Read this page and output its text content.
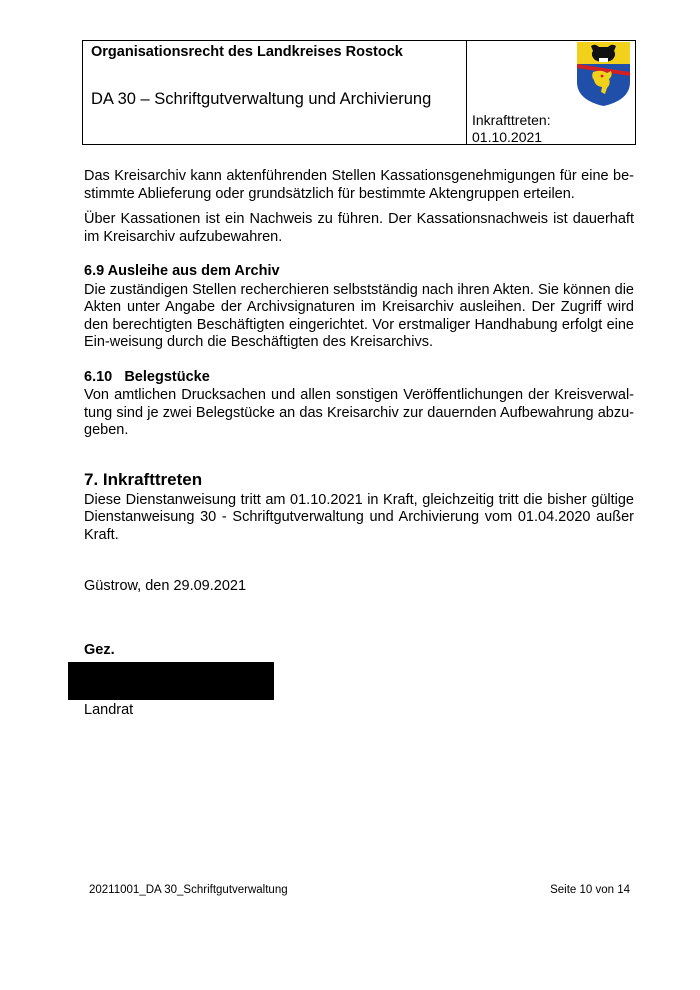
Organisationsrecht des Landkreises Rostock
DA 30 – Schriftgutverwaltung und Archivierung
Inkrafttreten:
01.10.2021

Das Kreisarchiv kann aktenführenden Stellen Kassationsgenehmigungen für eine be-stimmte Ablieferung oder grundsätzlich für bestimmte Aktengruppen erteilen.

Über Kassationen ist ein Nachweis zu führen. Der Kassationsnachweis ist dauerhaft im Kreisarchiv aufzubewahren.

6.9 Ausleihe aus dem Archiv

Die zuständigen Stellen recherchieren selbstständig nach ihren Akten. Sie können die Akten unter Angabe der Archivsignaturen im Kreisarchiv ausleihen. Der Zugriff wird den berechtigten Beschäftigten eingerichtet. Vor erstmaliger Handhabung erfolgt eine Ein-weisung durch die Beschäftigten des Kreisarchivs.

6.10 Belegstücke

Von amtlichen Drucksachen und allen sonstigen Veröffentlichungen der Kreisverwal-tung sind je zwei Belegstücke an das Kreisarchiv zur dauernden Aufbewahrung abzu-geben.

7. Inkrafttreten

Diese Dienstanweisung tritt am 01.10.2021 in Kraft, gleichzeitig tritt die bisher gültige Dienstanweisung 30 - Schriftgutverwaltung und Archivierung vom 01.04.2020 außer Kraft.

Güstrow, den 29.09.2021
Gez.
Landrat
20211001_DA 30_Schriftgutverwaltung	Seite 10 von 14
